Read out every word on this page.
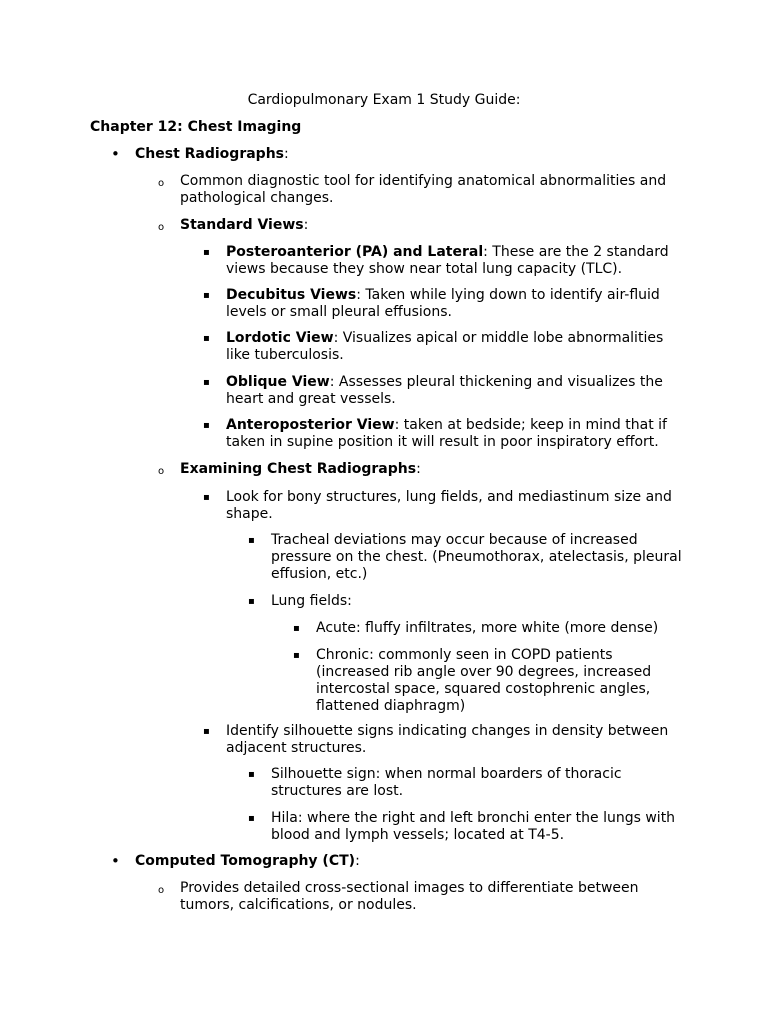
Cardiopulmonary Exam 1 Study Guide:
Chapter 12: Chest Imaging
• Chest Radiographs:
o Common diagnostic tool for identifying anatomical abnormalities and pathological changes.
o Standard Views:
▪ Posteroanterior (PA) and Lateral: These are the 2 standard views because they show near total lung capacity (TLC).
▪ Decubitus Views: Taken while lying down to identify air-fluid levels or small pleural effusions.
▪ Lordotic View: Visualizes apical or middle lobe abnormalities like tuberculosis.
▪ Oblique View: Assesses pleural thickening and visualizes the heart and great vessels.
▪ Anteroposterior View: taken at bedside; keep in mind that if taken in supine position it will result in poor inspiratory effort.
o Examining Chest Radiographs:
▪ Look for bony structures, lung fields, and mediastinum size and shape.
▪ Tracheal deviations may occur because of increased pressure on the chest. (Pneumothorax, atelectasis, pleural effusion, etc.)
▪ Lung fields:
▪ Acute: fluffy infiltrates, more white (more dense)
▪ Chronic: commonly seen in COPD patients (increased rib angle over 90 degrees, increased intercostal space, squared costophrenic angles, flattened diaphragm)
▪ Identify silhouette signs indicating changes in density between adjacent structures.
▪ Silhouette sign: when normal boarders of thoracic structures are lost.
▪ Hila: where the right and left bronchi enter the lungs with blood and lymph vessels; located at T4-5.
• Computed Tomography (CT):
o Provides detailed cross-sectional images to differentiate between tumors, calcifications, or nodules.
